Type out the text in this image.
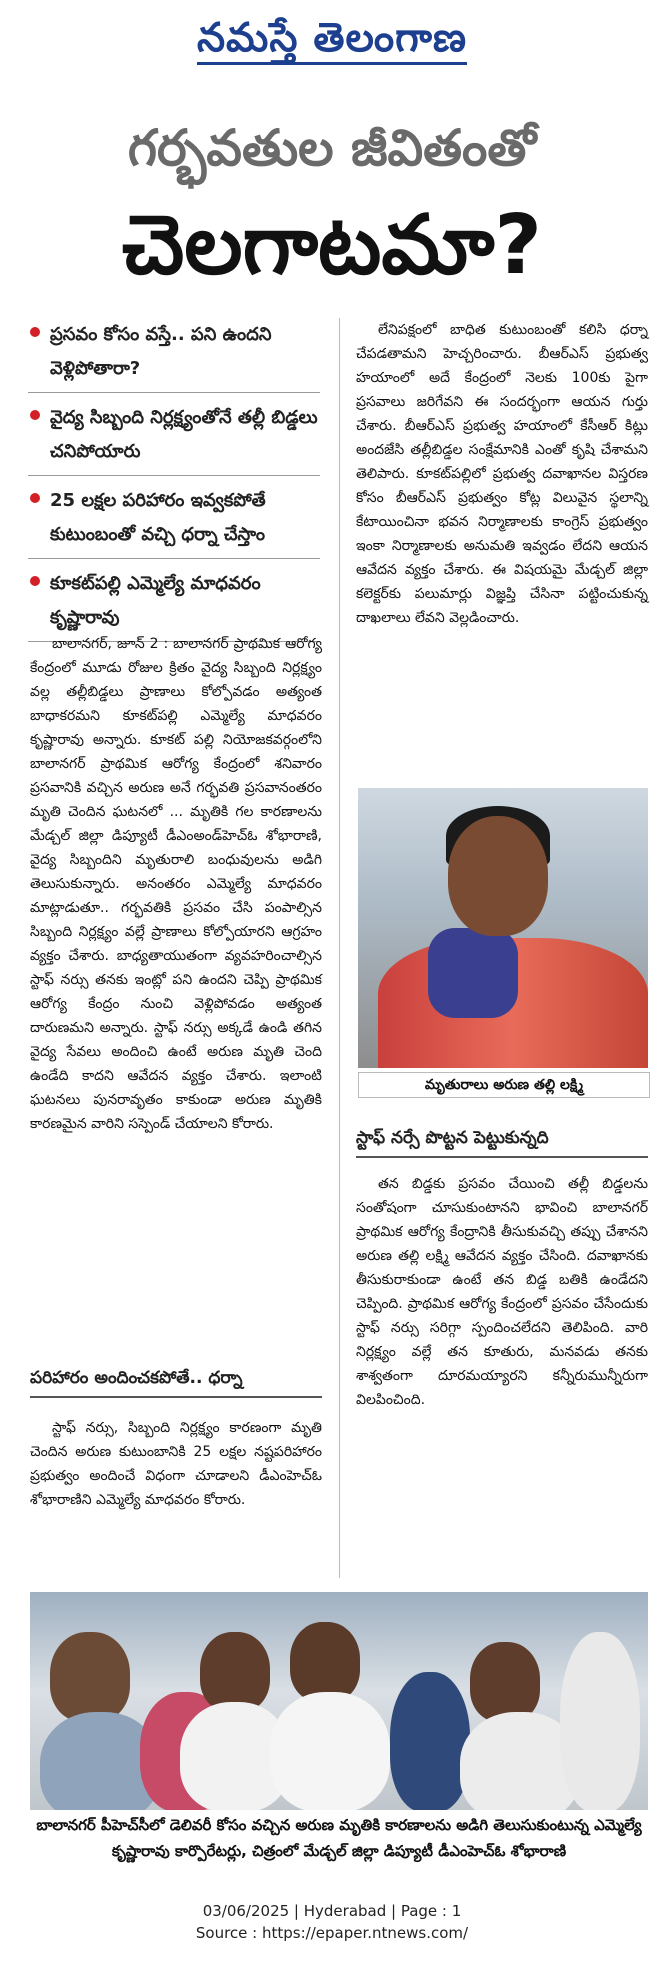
నమస్తే తెలంగాణ
గర్భవతుల జీవితంతో
చెలగాటమా?
ప్రసవం కోసం వస్తే.. పని ఉందని వెళ్లిపోతారా?
వైద్య సిబ్బంది నిర్లక్ష్యంతోనే తల్లీ బిడ్డలు చనిపోయారు
25 లక్షల పరిహారం ఇవ్వకపోతే కుటుంబంతో వచ్చి ధర్నా చేస్తాం
కూకట్‌పల్లి ఎమ్మెల్యే మాధవరం కృష్ణారావు

బాలానగర్, జూన్ 2 : బాలానగర్ ప్రాథమిక ఆరోగ్య కేంద్రంలో మూడు రోజుల క్రితం వైద్య సిబ్బంది నిర్లక్ష్యం వల్ల తల్లీబిడ్డలు ప్రాణాలు కోల్పోవడం అత్యంత బాధాకరమని కూకట్‌పల్లి ఎమ్మెల్యే మాధవరం కృష్ణారావు అన్నారు. కూకట్ పల్లి నియోజకవర్గంలోని బాలానగర్ ప్రాథమిక ఆరోగ్య కేంద్రంలో శనివారం ప్రసవానికి వచ్చిన అరుణ అనే గర్భవతి ప్రసవానంతరం మృతి చెందిన ఘటనలో ... మృతికి గల కారణాలను మేడ్చల్ జిల్లా డిప్యూటీ డీఎంఅండ్‌హెచ్‌ఓ శోభారాణి, వైద్య సిబ్బందిని మృతురాలి బంధువులను అడిగి తెలుసుకున్నారు. అనంతరం ఎమ్మెల్యే మాధవరం మాట్లాడుతూ.. గర్భవతికి ప్రసవం చేసి పంపాల్సిన సిబ్బంది నిర్లక్ష్యం వల్లే ప్రాణాలు కోల్పోయారని ఆగ్రహం వ్యక్తం చేశారు. బాధ్యతాయుతంగా వ్యవహరించాల్సిన స్టాఫ్ నర్సు తనకు ఇంట్లో పని ఉందని చెప్పి ప్రాథమిక ఆరోగ్య కేంద్రం నుంచి వెళ్లిపోవడం అత్యంత దారుణమని అన్నారు. స్టాఫ్ నర్సు అక్కడే ఉండి తగిన వైద్య సేవలు అందించి ఉంటే అరుణ మృతి చెంది ఉండేది కాదని ఆవేదన వ్యక్తం చేశారు. ఇలాంటి ఘటనలు పునరావృతం కాకుండా అరుణ మృతికి కారణమైన వారిని సస్పెండ్ చేయాలని కోరారు.

పరిహారం అందించకపోతే.. ధర్నా

స్టాఫ్ నర్సు, సిబ్బంది నిర్లక్ష్యం కారణంగా మృతి చెందిన అరుణ కుటుంబానికి 25 లక్షల నష్టపరిహారం ప్రభుత్వం అందించే విధంగా చూడాలని డీఎంహెచ్‌ఓ శోభారాణిని ఎమ్మెల్యే మాధవరం కోరారు.

లేనిపక్షంలో బాధిత కుటుంబంతో కలిసి ధర్నా చేపడతామని హెచ్చరించారు. బీఆర్ఎస్ ప్రభుత్వ హయాంలో అదే కేంద్రంలో నెలకు 100కు పైగా ప్రసవాలు జరిగేవని ఈ సందర్భంగా ఆయన గుర్తు చేశారు. బీఆర్ఎస్ ప్రభుత్వ హయాంలో కేసీఆర్ కిట్లు అందజేసి తల్లీబిడ్డల సంక్షేమానికి ఎంతో కృషి చేశామని తెలిపారు. కూకట్‌పల్లిలో ప్రభుత్వ దవాఖానల విస్తరణ కోసం బీఆర్ఎస్ ప్రభుత్వం కోట్ల విలువైన స్థలాన్ని కేటాయించినా భవన నిర్మాణాలకు కాంగ్రెస్ ప్రభుత్వం ఇంకా నిర్మాణాలకు అనుమతి ఇవ్వడం లేదని ఆయన ఆవేదన వ్యక్తం చేశారు. ఈ విషయమై మేడ్చల్ జిల్లా కలెక్టర్‌కు పలుమార్లు విజ్ఞప్తి చేసినా పట్టించుకున్న దాఖలాలు లేవని వెల్లడించారు.

మృతురాలు అరుణ తల్లి లక్ష్మి
స్టాఫ్ నర్సే పొట్టన పెట్టుకున్నది

తన బిడ్డకు ప్రసవం చేయించి తల్లీ బిడ్డలను సంతోషంగా చూసుకుంటానని భావించి బాలానగర్ ప్రాథమిక ఆరోగ్య కేంద్రానికి తీసుకువచ్చి తప్పు చేశానని అరుణ తల్లి లక్ష్మి ఆవేదన వ్యక్తం చేసింది. దవాఖానకు తీసుకురాకుండా ఉంటే తన బిడ్డ బతికి ఉండేదని చెప్పింది. ప్రాథమిక ఆరోగ్య కేంద్రంలో ప్రసవం చేసేందుకు స్టాఫ్ నర్సు సరిగ్గా స్పందించలేదని తెలిపింది. వారి నిర్లక్ష్యం వల్లే తన కూతురు, మనవడు తనకు శాశ్వతంగా దూరమయ్యారని కన్నీరుమున్నీరుగా విలపించింది.

బాలానగర్ పీహెచ్‌సీలో డెలివరీ కోసం వచ్చిన అరుణ మృతికి కారణాలను అడిగి తెలుసుకుంటున్న ఎమ్మెల్యే కృష్ణారావు కార్పొరేటర్లు, చిత్రంలో మేడ్చల్ జిల్లా డిప్యూటీ డీఎంహెచ్‌ఓ శోభారాణి
03/06/2025 | Hyderabad | Page : 1
Source : https://epaper.ntnews.com/
